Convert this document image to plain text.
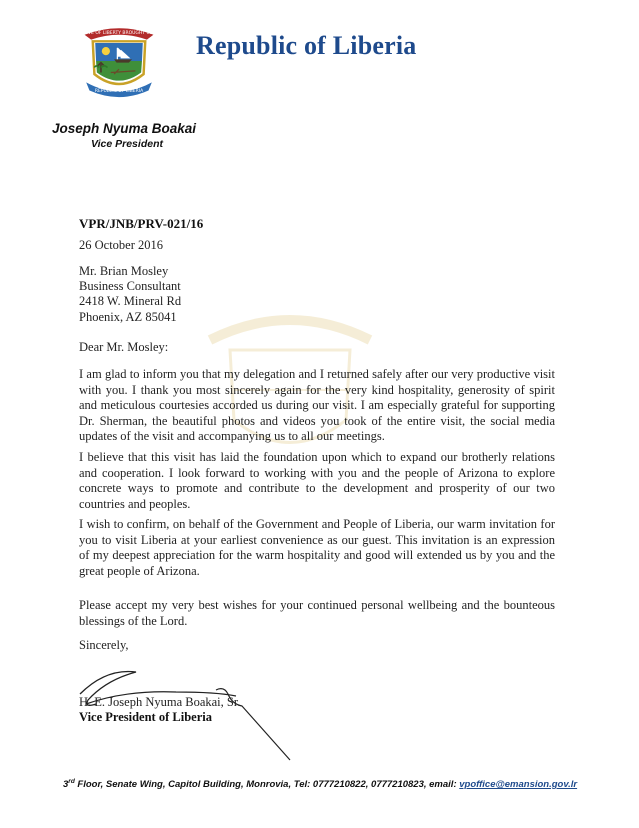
THE LOVE OF LIBERTY BROUGHT US HERE
REPUBLIC OF LIBERIA
Republic of Liberia
Joseph Nyuma Boakai
Vice President
VPR/JNB/PRV-021/16
26 October 2016
Mr. Brian Mosley
Business Consultant
2418 W. Mineral Rd
Phoenix, AZ 85041
Dear Mr. Mosley:

I am glad to inform you that my delegation and I returned safely after our very productive visit with you. I thank you most sincerely again for the very kind hospitality, generosity of spirit and meticulous courtesies accorded us during our visit. I am especially grateful for supporting Dr. Sherman, the beautiful photos and videos you took of the entire visit, the social media updates of the visit and accompanying us to all our meetings.

I believe that this visit has laid the foundation upon which to expand our brotherly relations and cooperation. I look forward to working with you and the people of Arizona to explore concrete ways to promote and contribute to the development and prosperity of our two countries and peoples.

I wish to confirm, on behalf of the Government and People of Liberia, our warm invitation for you to visit Liberia at your earliest convenience as our guest. This invitation is an expression of my deepest appreciation for the warm hospitality and good will extended us by you and the great people of Arizona.

Please accept my very best wishes for your continued personal wellbeing and the bounteous blessings of the Lord.

Sincerely,
H. E. Joseph Nyuma Boakai, Sr.
Vice President of Liberia
3rd Floor, Senate Wing, Capitol Building, Monrovia, Tel: 0777210822, 0777210823, email: vpoffice@emansion.gov.lr
